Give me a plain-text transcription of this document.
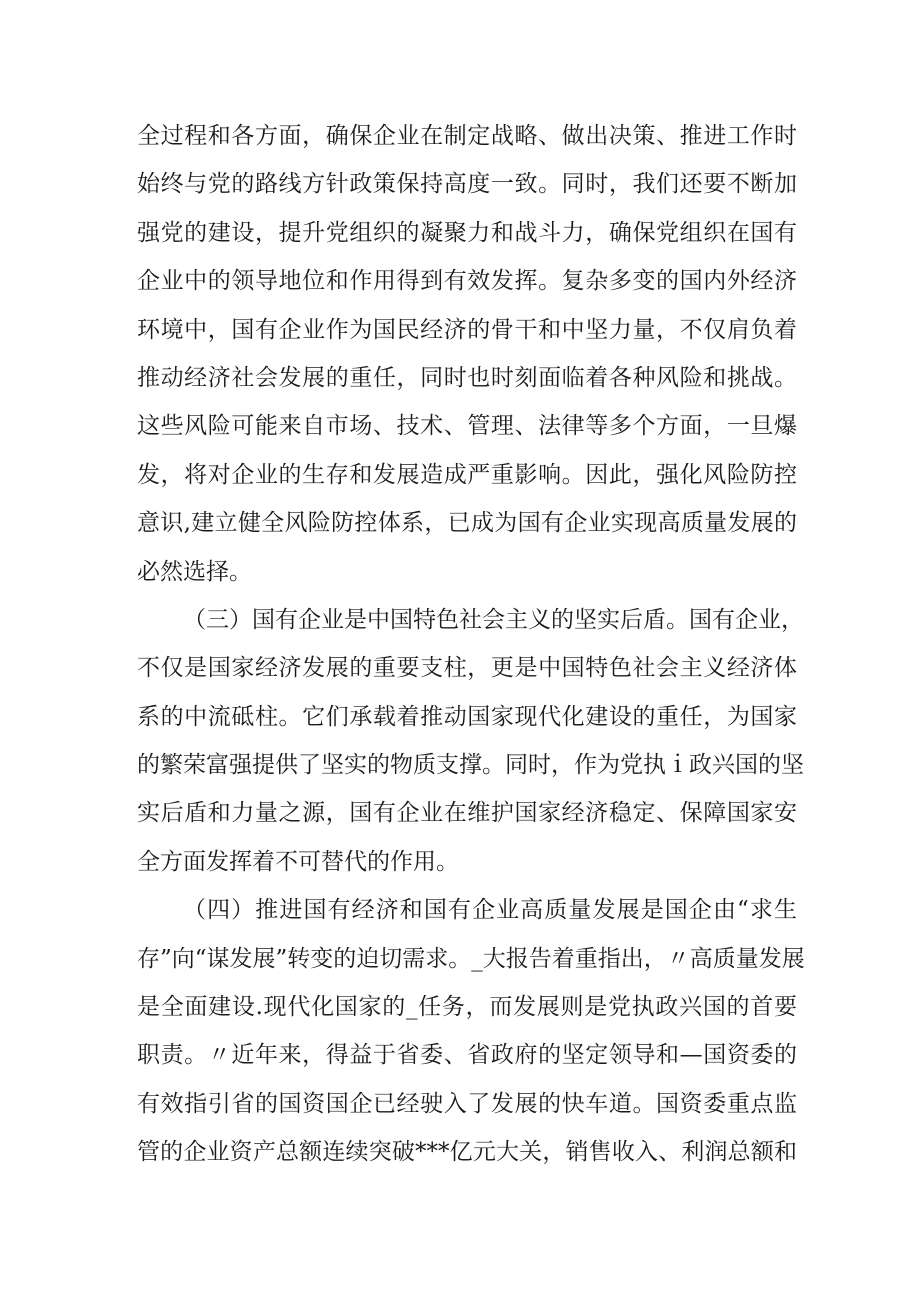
全过程和各方面，确保企业在制定战略、做出决策、推进工作时
始终与党的路线方针政策保持高度一致。同时，我们还要不断加
强党的建设，提升党组织的凝聚力和战斗力，确保党组织在国有
企业中的领导地位和作用得到有效发挥。复杂多变的国内外经济
环境中，国有企业作为国民经济的骨干和中坚力量，不仅肩负着
推动经济社会发展的重任，同时也时刻面临着各种风险和挑战。
这些风险可能来自市场、技术、管理、法律等多个方面，一旦爆
发，将对企业的生存和发展造成严重影响。因此，强化风险防控
意识,建立健全风险防控体系，已成为国有企业实现高质量发展的
必然选择。
（三）国有企业是中国特色社会主义的坚实后盾。国有企业，
不仅是国家经济发展的重要支柱，更是中国特色社会主义经济体
系的中流砥柱。它们承载着推动国家现代化建设的重任，为国家
的繁荣富强提供了坚实的物质支撑。同时，作为党执ｉ政兴国的坚
实后盾和力量之源，国有企业在维护国家经济稳定、保障国家安
全方面发挥着不可替代的作用。
（四）推进国有经济和国有企业高质量发展是国企由“求生
存”向“谋发展”转变的迫切需求。_大报告着重指出，〃高质量发展
是全面建设.现代化国家的_任务，而发展则是党执政兴国的首要
职责。〃近年来，得益于省委、省政府的坚定领导和—国资委的
有效指引省的国资国企已经驶入了发展的快车道。国资委重点监
管的企业资产总额连续突破***亿元大关，销售收入、利润总额和
